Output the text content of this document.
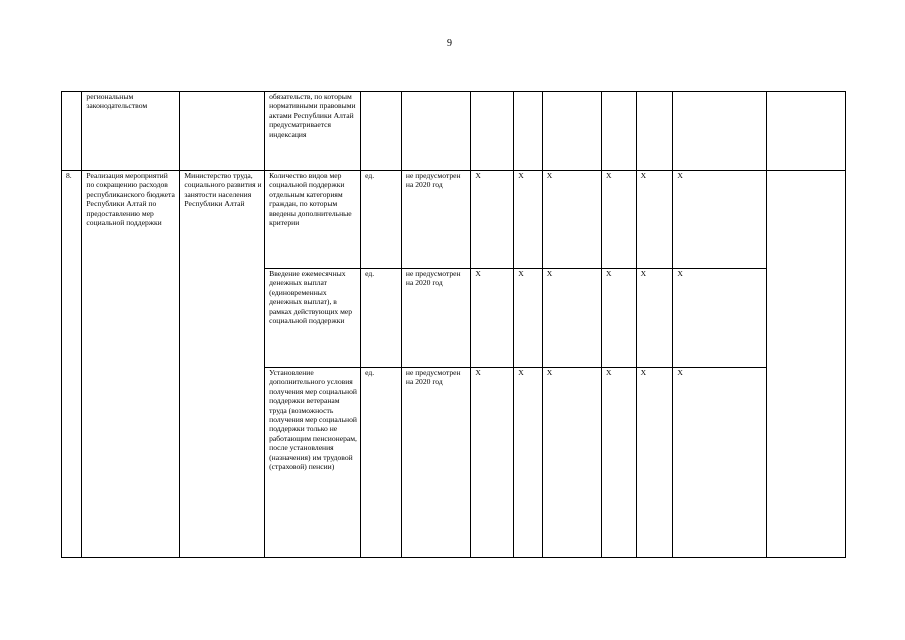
9
	региональным законодательством		обязательств, по которым нормативными правовыми актами Республики Алтай предусматривается индексация									
8.	Реализация мероприятий по сокращению расходов республиканского бюджета Республики Алтай по предоставлению мер социальной поддержки	Министерство труда, социального развития и занятости населения Республики Алтай	Количество видов мер социальной поддержки отдельным категориям граждан, по которым введены дополнительные критерии	ед.	не предусмотрен на 2020 год	X	X	X	X	X	X	
			Введение ежемесячных денежных выплат (единовременных денежных выплат), в рамках действующих мер социальной поддержки	ед.	не предусмотрен на 2020 год	X	X	X	X	X	X	
			Установление дополнительного условия получения мер социальной поддержки ветеранам труда (возможность получения мер социальной поддержки только не работающим пенсионерам, после установления (назначения) им трудовой (страховой) пенсии)	ед.	не предусмотрен на 2020 год	X	X	X	X	X	X	
